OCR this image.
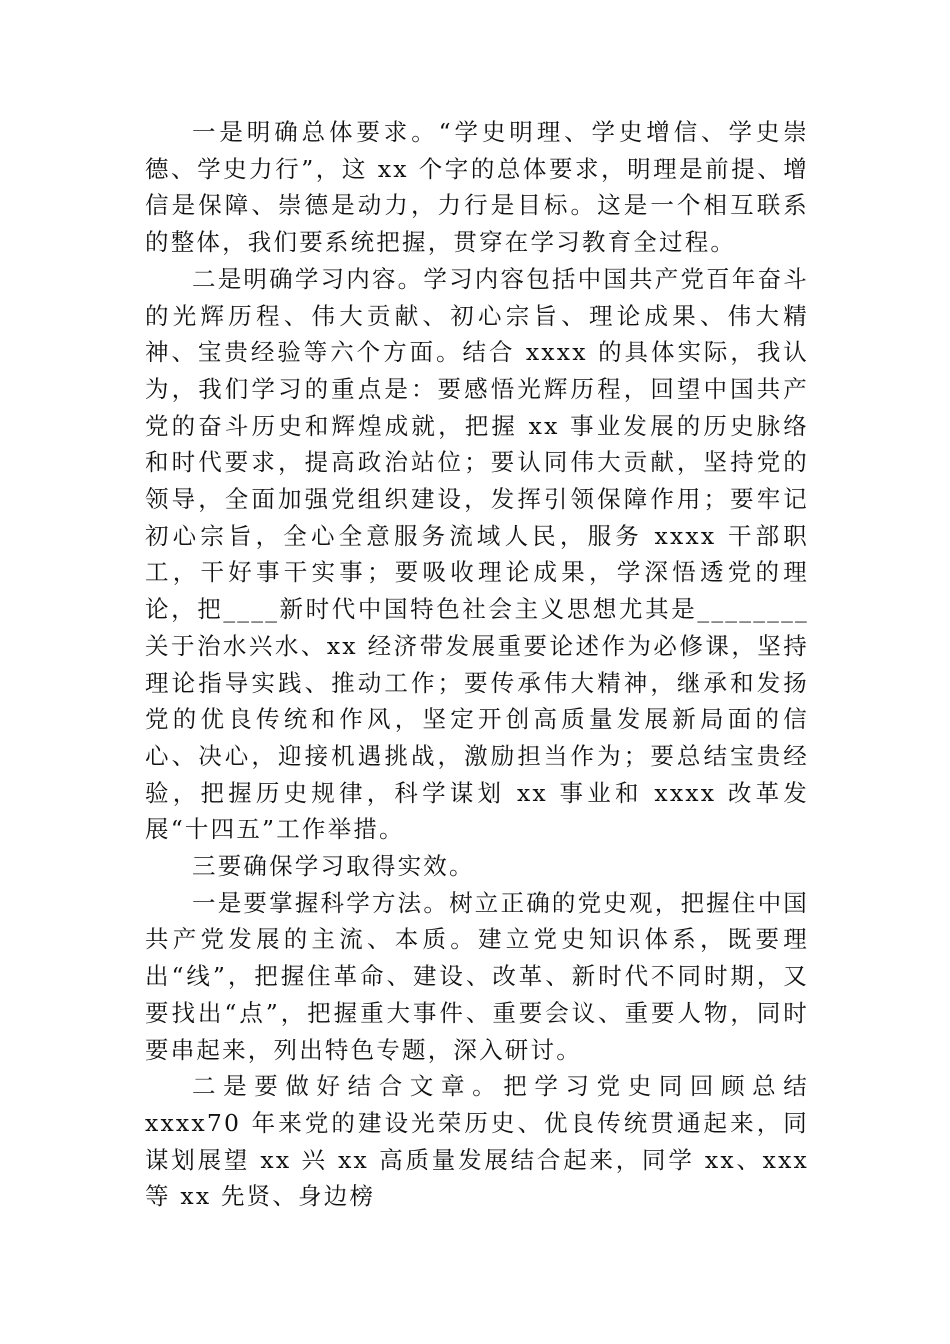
一是明确总体要求。“学史明理、学史增信、学史崇德、学史力行”，这 xx 个字的总体要求，明理是前提、增信是保障、崇德是动力，力行是目标。这是一个相互联系的整体，我们要系统把握，贯穿在学习教育全过程。

二是明确学习内容。学习内容包括中国共产党百年奋斗的光辉历程、伟大贡献、初心宗旨、理论成果、伟大精神、宝贵经验等六个方面。结合 xxxx 的具体实际，我认为，我们学习的重点是：要感悟光辉历程，回望中国共产党的奋斗历史和辉煌成就，把握 xx 事业发展的历史脉络和时代要求，提高政治站位；要认同伟大贡献，坚持党的领导，全面加强党组织建设，发挥引领保障作用；要牢记初心宗旨，全心全意服务流域人民，服务 xxxx 干部职工，干好事干实事；要吸收理论成果，学深悟透党的理论，把____新时代中国特色社会主义思想尤其是________关于治水兴水、xx 经济带发展重要论述作为必修课，坚持理论指导实践、推动工作；要传承伟大精神，继承和发扬党的优良传统和作风，坚定开创高质量发展新局面的信心、决心，迎接机遇挑战，激励担当作为；要总结宝贵经验，把握历史规律，科学谋划 xx 事业和 xxxx 改革发展“十四五”工作举措。

三要确保学习取得实效。

一是要掌握科学方法。树立正确的党史观，把握住中国共产党发展的主流、本质。建立党史知识体系，既要理出“线”，把握住革命、建设、改革、新时代不同时期，又要找出“点”，把握重大事件、重要会议、重要人物，同时要串起来，列出特色专题，深入研讨。

二是要做好结合文章。把学习党史同回顾总结 xxxx70 年来党的建设光荣历史、优良传统贯通起来，同谋划展望 xx 兴 xx 高质量发展结合起来，同学 xx、xxx 等 xx 先贤、身边榜
